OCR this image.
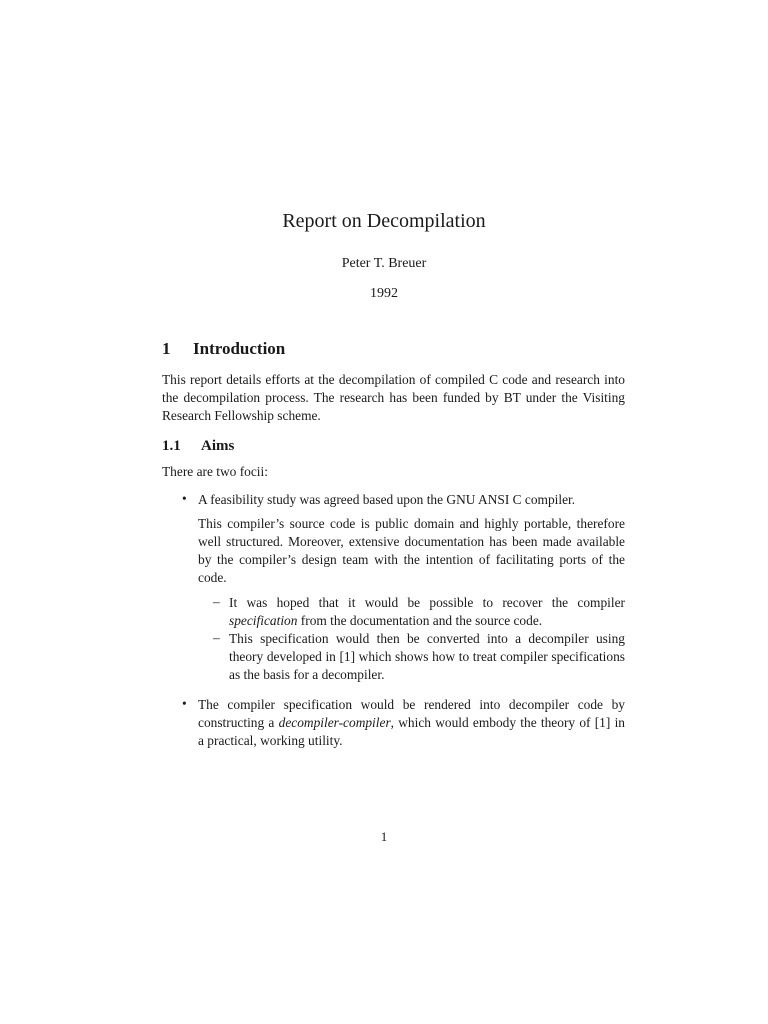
Report on Decompilation
Peter T. Breuer
1992
1 Introduction
This report details efforts at the decompilation of compiled C code and research into the decompilation process. The research has been funded by BT under the Visiting Research Fellowship scheme.
1.1 Aims
There are two focii:
• A feasibility study was agreed based upon the GNU ANSI C compiler.
This compiler’s source code is public domain and highly portable, therefore well structured. Moreover, extensive documentation has been made available by the compiler’s design team with the intention of facilitating ports of the code.
– It was hoped that it would be possible to recover the compiler specification from the documentation and the source code.
– This specification would then be converted into a decompiler using theory developed in [1] which shows how to treat compiler specifications as the basis for a decompiler.
• The compiler specification would be rendered into decompiler code by constructing a decompiler-compiler, which would embody the theory of [1] in a practical, working utility.
1
